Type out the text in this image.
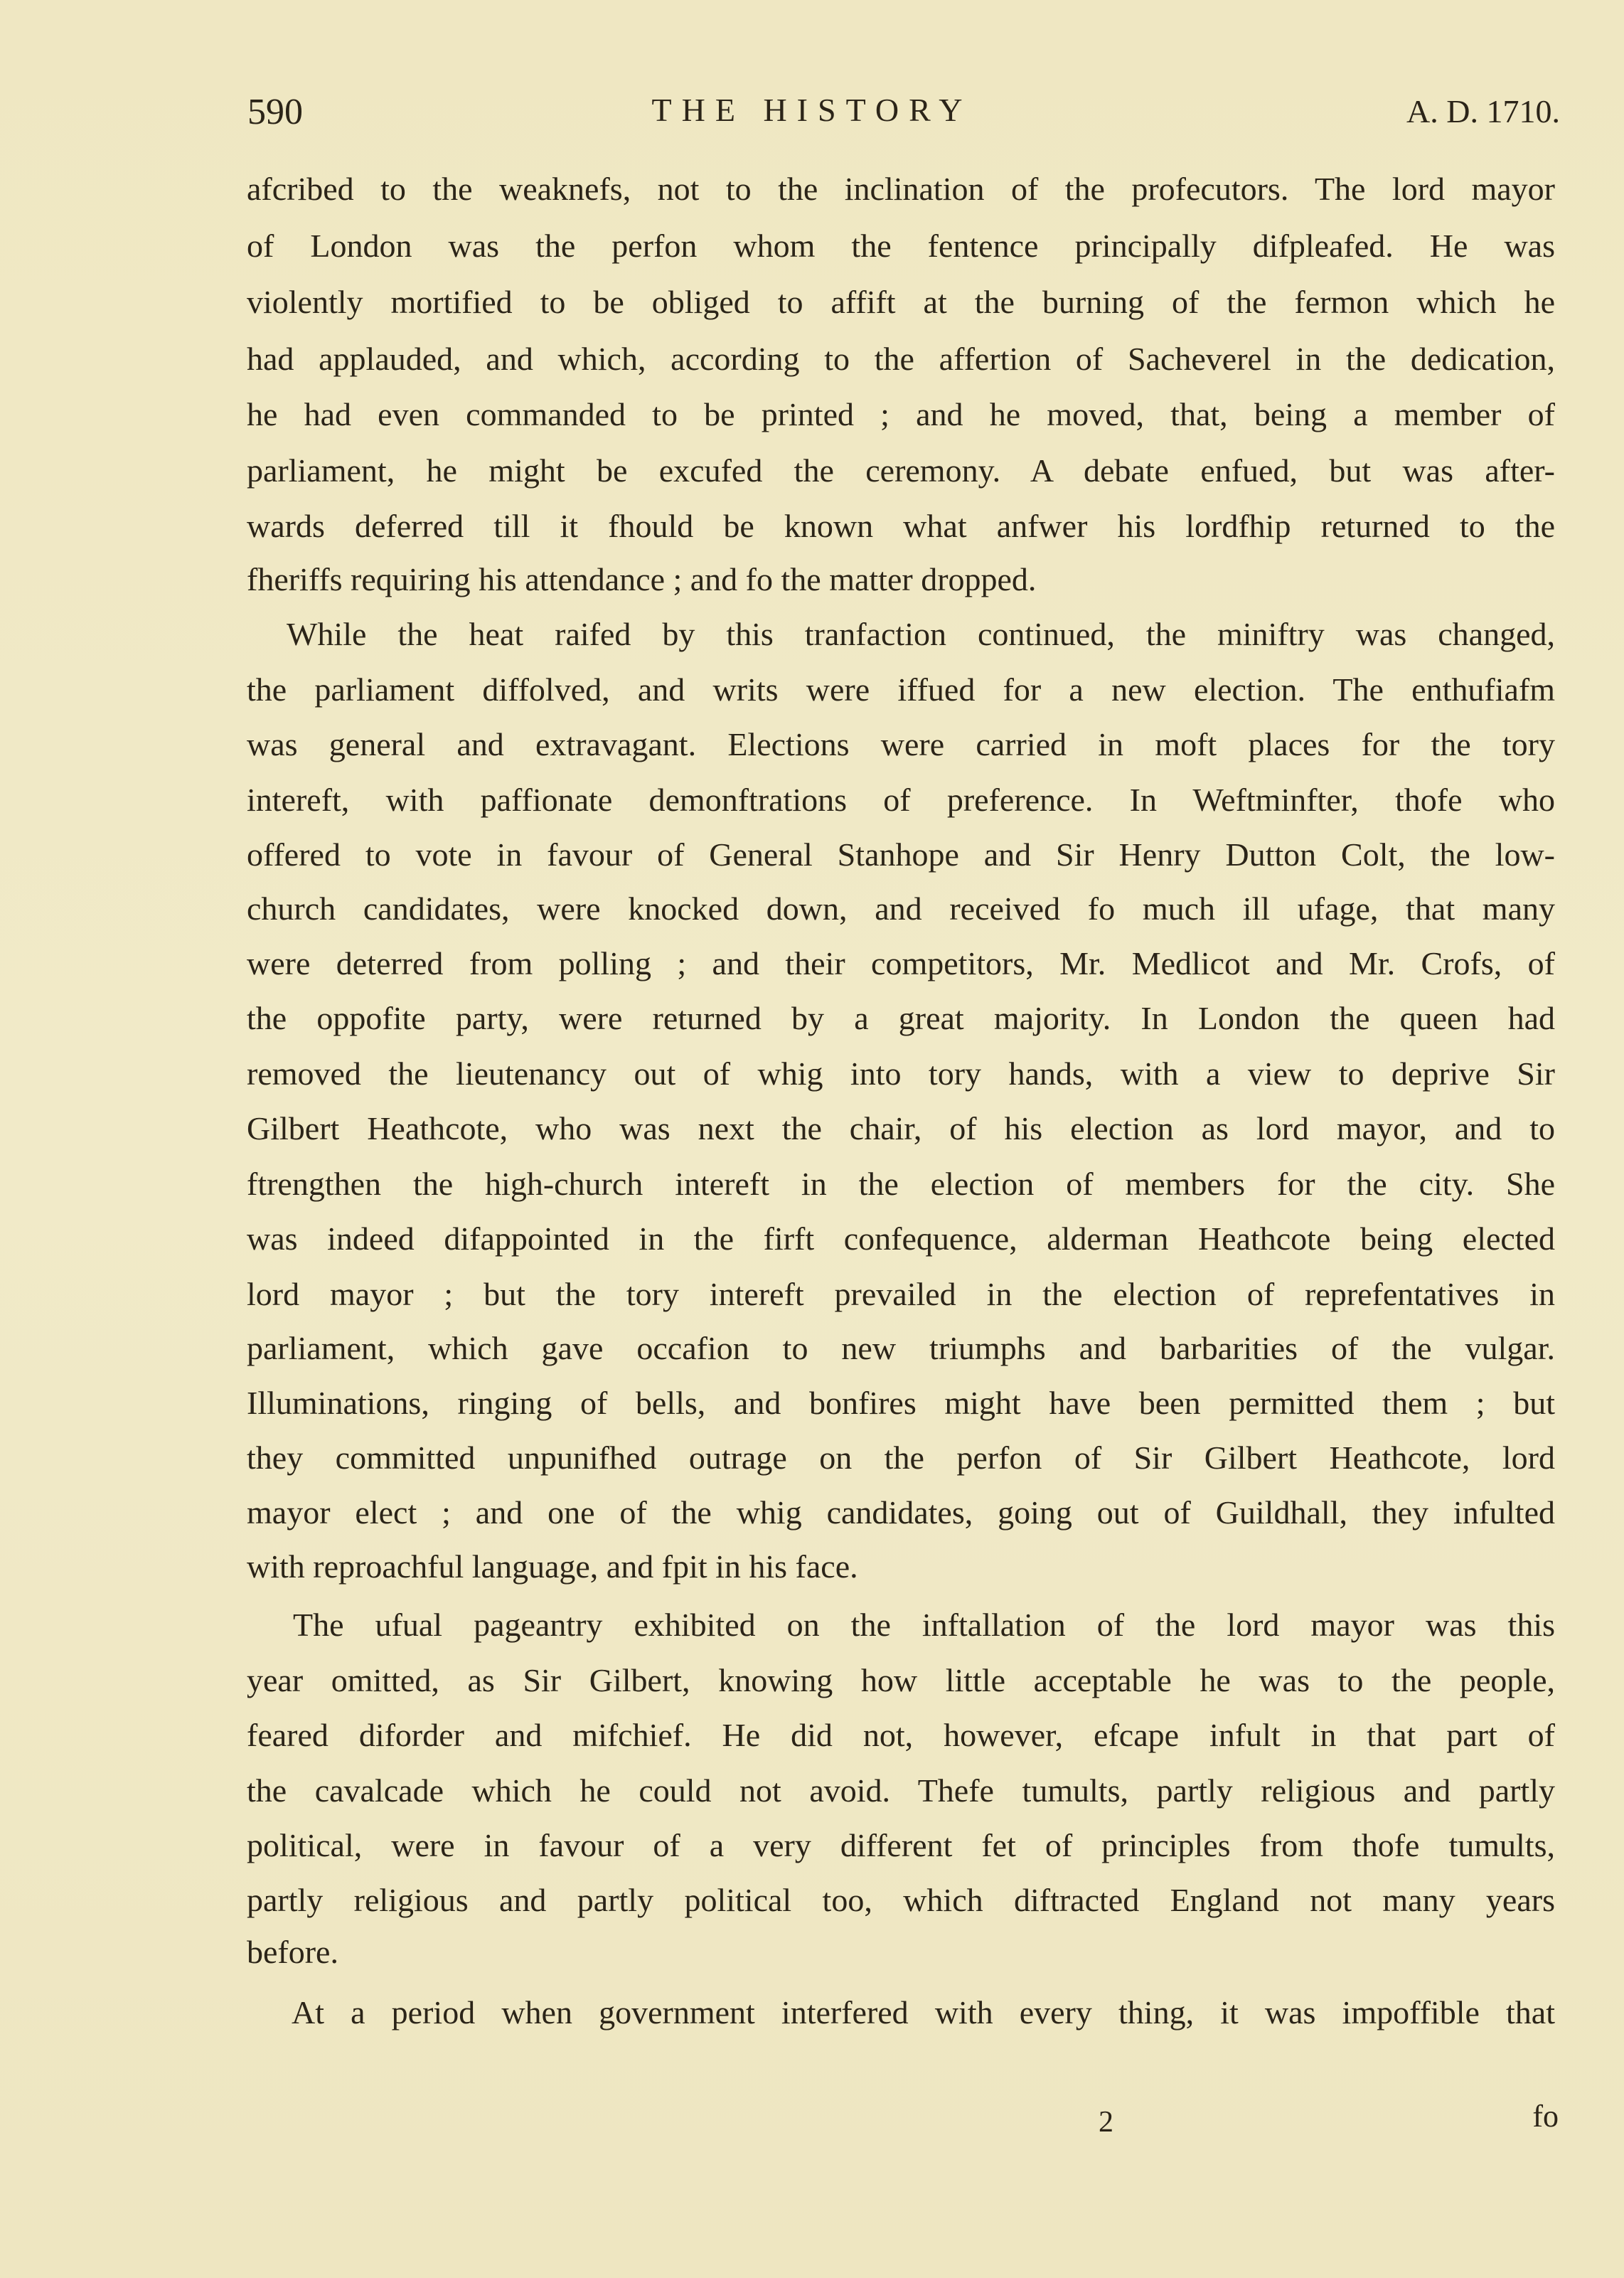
590	THE HISTORY	A. D. 1710.
afcribed to the weaknefs, not to the inclination of the profecutors. The lord mayor
of London was the perfon whom the fentence principally difpleafed. He was
violently mortified to be obliged to affift at the burning of the fermon which he
had applauded, and which, according to the affertion of Sacheverel in the dedication,
he had even commanded to be printed ; and he moved, that, being a member of
parliament, he might be excufed the ceremony. A debate enfued, but was after-
wards deferred till it fhould be known what anfwer his lordfhip returned to the
fheriffs requiring his attendance ; and fo the matter dropped.
While the heat raifed by this tranfaction continued, the miniftry was changed,
the parliament diffolved, and writs were iffued for a new election. The enthufiafm
was general and extravagant. Elections were carried in moft places for the tory
intereft, with paffionate demonftrations of preference. In Weftminfter, thofe who
offered to vote in favour of General Stanhope and Sir Henry Dutton Colt, the low-
church candidates, were knocked down, and received fo much ill ufage, that many
were deterred from polling ; and their competitors, Mr. Medlicot and Mr. Crofs, of
the oppofite party, were returned by a great majority. In London the queen had
removed the lieutenancy out of whig into tory hands, with a view to deprive Sir
Gilbert Heathcote, who was next the chair, of his election as lord mayor, and to
ftrengthen the high-church intereft in the election of members for the city. She
was indeed difappointed in the firft confequence, alderman Heathcote being elected
lord mayor ; but the tory intereft prevailed in the election of reprefentatives in
parliament, which gave occafion to new triumphs and barbarities of the vulgar.
Illuminations, ringing of bells, and bonfires might have been permitted them ; but
they committed unpunifhed outrage on the perfon of Sir Gilbert Heathcote, lord
mayor elect ; and one of the whig candidates, going out of Guildhall, they infulted
with reproachful language, and fpit in his face.
The ufual pageantry exhibited on the inftallation of the lord mayor was this
year omitted, as Sir Gilbert, knowing how little acceptable he was to the people,
feared diforder and mifchief. He did not, however, efcape infult in that part of
the cavalcade which he could not avoid. Thefe tumults, partly religious and partly
political, were in favour of a very different fet of principles from thofe tumults,
partly religious and partly political too, which diftracted England not many years
before.
At a period when government interfered with every thing, it was impoffible that
2	fo
